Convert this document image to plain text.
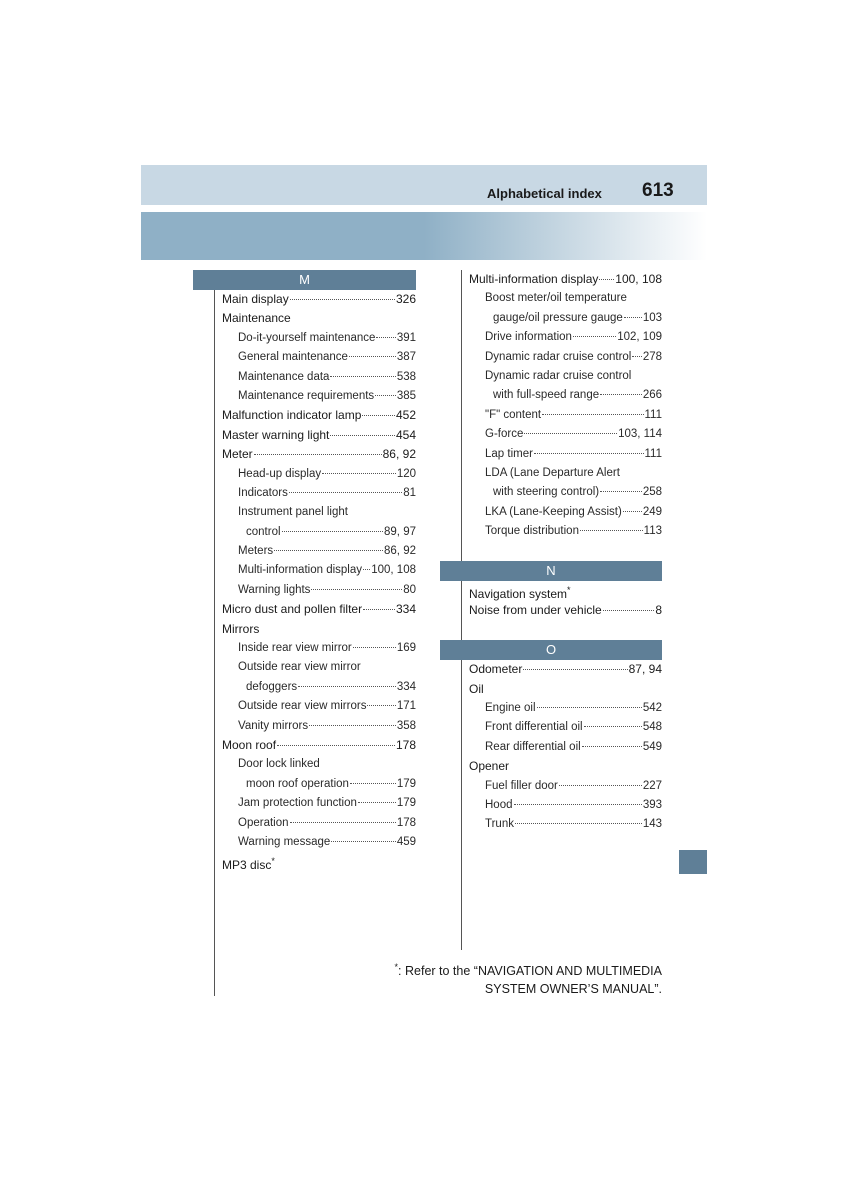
Alphabetical index 613
M
Main display	326
Maintenance
Do-it-yourself maintenance 391
General maintenance	387
Maintenance data	538
Maintenance requirements 385
Malfunction indicator lamp	452
Master warning light	454
Meter	86, 92
Head-up display	120
Indicators	81
Instrument panel light
control	89, 97
Meters	86, 92
Multi-information display 100, 108
Warning lights	80
Micro dust and pollen filter	334
Mirrors
Inside rear view mirror	169
Outside rear view mirror
defoggers	334
Outside rear view mirrors	171
Vanity mirrors	358
Moon roof	178
Door lock linked
moon roof operation	179
Jam protection function	179
Operation	178
Warning message	459
MP3 disc*
Multi-information display 100, 108
Boost meter/oil temperature
gauge/oil pressure gauge 103
Drive information	102, 109
Dynamic radar cruise control 278
Dynamic radar cruise control
with full-speed range	266
"F" content	111
G-force	103, 114
Lap timer	111
LDA (Lane Departure Alert
with steering control)	258
LKA (Lane-Keeping Assist) 249
Torque distribution	113
N
Navigation system*
Noise from under vehicle	8
O
Odometer	87, 94
Oil
Engine oil	542
Front differential oil	548
Rear differential oil	549
Opener
Fuel filler door	227
Hood	393
Trunk	143
*: Refer to the “NAVIGATION AND MULTIMEDIA
SYSTEM OWNER’S MANUAL”.
